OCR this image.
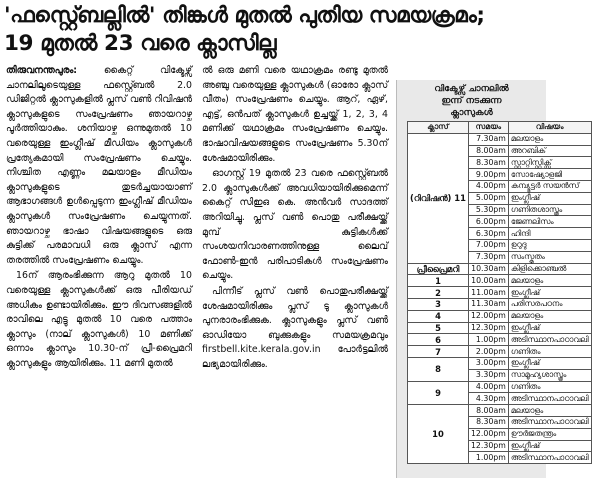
'ഫസ്റ്റ്ബെല്ലിൽ' തിങ്കൾ മുതൽ പുതിയ സമയക്രമം;
19 മുതൽ 23 വരെ ക്ലാസില്ല

തിരുവനന്തപുരം:	കൈറ്റ് വിക്ടേഴ്സ് ചാനലിലൂടെയുള്ള ഫസ്റ്റ്ബെൽ 2.0 ഡിജിറ്റൽ ക്ലാസുകളിൽ പ്ലസ് വൺ റിവിഷൻ ക്ലാസുകളുടെ സംപ്രേഷണം ഞായറാഴ്ച പൂർത്തിയാകും. ശനിയാഴ്ച ഒന്നുമുതൽ 10 വരെയുള്ള ഇംഗ്ലീഷ് മീഡിയം ക്ലാസുകൾ പ്രത്യേകമായി സംപ്രേഷണം ചെയ്യും. നിശ്ചിത എണ്ണം മലയാളം മീഡിയം ക്ലാസുകളുടെ തുടർച്ചയായാണ് ആഭാഗങ്ങൾ ഉൾപ്പെടുന്ന ഇംഗ്ലീഷ് മീഡിയം ക്ലാസുകൾ സംപ്രേഷണം ചെയ്യുന്നത്. ഞായറാഴ്ച ഭാഷാ വിഷയങ്ങളുടെ ഒരു കുട്ടിക്ക് പരമാവധി ഒരു ക്ലാസ് എന്ന തരത്തിൽ സംപ്രേഷണം ചെയ്യും.

16ന് ആരംഭിക്കുന്ന ആറു മുതൽ 10 വരെയുള്ള ക്ലാസുകൾക്ക് ഒരു പീരിയഡ് അധികം ഉണ്ടായിരിക്കും. ഈ ദിവസങ്ങളിൽ രാവിലെ എട്ടു മുതൽ 10 വരെ പത്താം ക്ലാസും (നാല് ക്ലാസുകൾ) 10 മണിക്ക് ഒന്നാം ക്ലാസും 10.30-ന് പ്രീ-പ്രൈമറി ക്ലാസുകളും ആയിരിക്കും. 11 മണി മുതൽ

ൽ ഒരു മണി വരെ യഥാക്രമം രണ്ടു മുതൽ അഞ്ചു വരെയുള്ള ക്ലാസുകൾ (ഓരോ ക്ലാസ് വീതം) സംപ്രേഷണം ചെയ്യും. ആറ്, ഏഴ്, എട്ട്, ഒൻപത് ക്ലാസുകൾ ഉച്ചയ്ക്ക് 1, 2, 3, 4 മണിക്ക് യഥാക്രമം സംപ്രേഷണം ചെയ്യും. ഭാഷാവിഷയങ്ങളുടെ സംപ്രേഷണം 5.30ന് ശേഷമായിരിക്കും.

ഓഗസ്റ്റ് 19 മുതൽ 23 വരെ ഫസ്റ്റ്ബെൽ 2.0 ക്ലാസുകൾക്ക് അവധിയായിരിക്കുമെന്ന് കൈറ്റ് സിഇഒ കെ. അൻവർ സാദത്ത് അറിയിച്ചു. പ്ലസ് വൺ പൊതു പരീക്ഷയ്ക്ക് മുമ്പ് കുട്ടികൾക്ക് സംശയനിവാരണത്തിനുള്ള ലൈവ് ഫോൺ-ഇൻ പരിപാടികൾ സംപ്രേഷണം ചെയ്യും.

പിന്നീട് പ്ലസ് വൺ പൊതുപരീക്ഷയ്ക്ക് ശേഷമായിരിക്കും പ്ലസ് ടു ക്ലാസുകൾ പുനരാരംഭിക്കുക. ക്ലാസുകളും പ്ലസ് വൺ ഓഡിയോ ബുക്കുകളും സമയക്രമവും firstbell.kite.kerala.gov.in പോർട്ടലിൽ ലഭ്യമായിരിക്കും.

വിക്ടേഴ്സ് ചാനലിൽ
ഇന്ന് നടക്കുന്ന
ക്ലാസുകൾ
ക്ലാസ്	സമയം	വിഷയം
(റിവിഷൻ) 11	7.30am	മലയാളം
	8.00am	അറബിക്
	8.30am	സ്റ്റാറ്റിസ്റ്റിക്സ്
	9.00pm	സോഷ്യോളജി
	4.00pm	കമ്പ്യൂട്ടർ സയൻസ്
	5.00pm	ഇംഗ്ലീഷ്
	5.30pm	ഗണിതശാസ്ത്രം
	6.00pm	ജേണലിസം
	6.30pm	ഹിന്ദി
	7.00pm	ഉറുദു
	7.30pm	സംസ്കൃതം
പ്രീപ്രൈമറി	10.30am	കിളിക്കൊഞ്ചൽ
1	10.00am	മലയാളം
2	11.00am	ഇംഗ്ലീഷ്
3	11.30am	പരിസരപഠനം
4	12.00pm	മലയാളം
5	12.30pm	ഇംഗ്ലീഷ്
6	1.00pm	അടിസ്ഥാനപാഠാവലി
7	2.00pm	ഗണിതം
8	3.00pm	ഇംഗ്ലീഷ്
	3.30pm	സാമൂഹ്യശാസ്ത്രം
9	4.00pm	ഗണിതം
	4.30pm	അടിസ്ഥാനപാഠാവലി
10	8.00am	മലയാളം
	8.30am	അടിസ്ഥാനപാഠാവലി
	12.00pm	ഊർജതന്ത്രം
	12.30pm	ഇംഗ്ലീഷ്
	1.00pm	അടിസ്ഥാനപാഠാവലി
